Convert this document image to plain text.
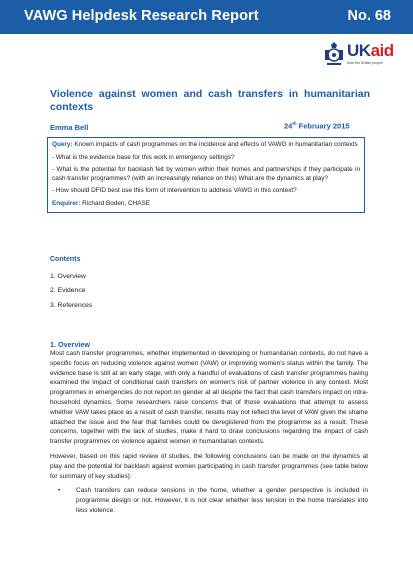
VAWG Helpdesk Research Report	No. 68
UKaid
from the British people
Violence against women and cash transfers in humanitarian contexts
Emma Bell	24th February 2015

Query: Known impacts of cash programmes on the incidence and effects of VAWG in humanitarian contexts

- What is the evidence base for this work in emergency settings?

- What is the potential for backlash felt by women within their homes and partnerships if they participate in cash transfer programmes? (with an increasingly reliance on this) What are the dynamics at play?

- How should DFID best use this form of intervention to address VAWG in this context?

Enquirer: Richard Boden, CHASE

Contents
1. Overview
2. Evidence
3. References
1. Overview

Most cash transfer programmes, whether implemented in developing or humanitarian contexts, do not have a specific focus on reducing violence against women (VAW) or improving women's status within the family. The evidence base is still at an early stage, with only a handful of evaluations of cash transfer programmes having examined the impact of conditional cash transfers on women's risk of partner violence in any context. Most programmes in emergencies do not report on gender at all despite the fact that cash transfers impact on intra-household dynamics. Some researchers raise concerns that of those evaluations that attempt to assess whether VAW takes place as a result of cash transfer, results may not reflect the level of VAW given the shame attached the issue and the fear that families could be deregistered from the programme as a result. These concerns, together with the lack of studies, make it hard to draw conclusions regarding the impact of cash transfer programmes on violence against women in humanitarian contexts.

However, based on this rapid review of studies, the following conclusions can be made on the dynamics at play and the potential for backlash against women participating in cash transfer programmes (see table below for summary of key studies):

• Cash transfers can reduce tensions in the home, whether a gender perspective is included in programme design or not. However, it is not clear whether less tension in the home translates into less violence.
